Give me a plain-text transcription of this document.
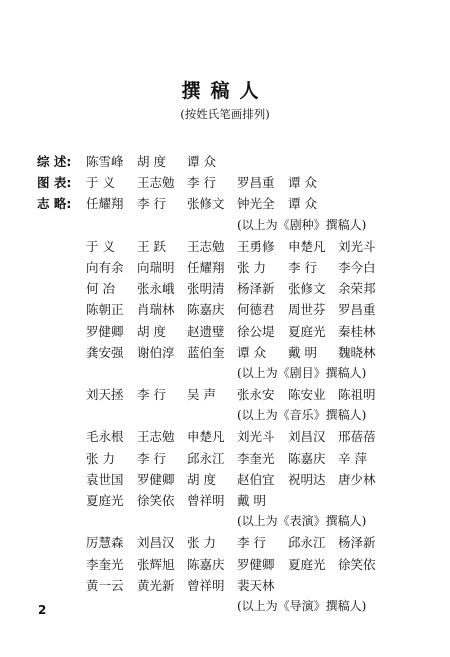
撰稿人
(按姓氏笔画排列)
综 述: 陈雪峰 胡 度 谭 众
图 表: 于 义 王志勉 李 行 罗昌重 谭 众
志 略: 任耀翔 李 行 张修文 钟光全 谭 众
(以上为《剧种》撰稿人)
于 义 王 跃 王志勉 王勇修 申楚凡 刘光斗
向有余 向瑞明 任耀翔 张 力 李 行 李今白
何 冶 张永峨 张明清 杨泽新 张修文 余荣邦
陈朝正 肖瑞林 陈嘉庆 何德君 周世芬 罗昌重
罗健卿 胡 度 赵遗璧 徐公堤 夏庭光 秦桂林
龚安强 谢伯淳 蓝伯奎 谭 众 戴 明 魏晓林
(以上为《剧目》撰稿人)
刘天拯 李 行 吴 声 张永安 陈安业 陈祖明
(以上为《音乐》撰稿人)
毛永根 王志勉 申楚凡 刘光斗 刘昌汉 邢蓓蓓
张 力 李 行 邱永江 李奎光 陈嘉庆 辛 萍
袁世国 罗健卿 胡 度 赵伯宜 祝明达 唐少林
夏庭光 徐笑依 曾祥明 戴 明
(以上为《表演》撰稿人)
厉慧森 刘昌汉 张 力 李 行 邱永江 杨泽新
李奎光 张辉旭 陈嘉庆 罗健卿 夏庭光 徐笑依
黄一云 黄光新 曾祥明 裴天林
(以上为《导演》撰稿人)
2
